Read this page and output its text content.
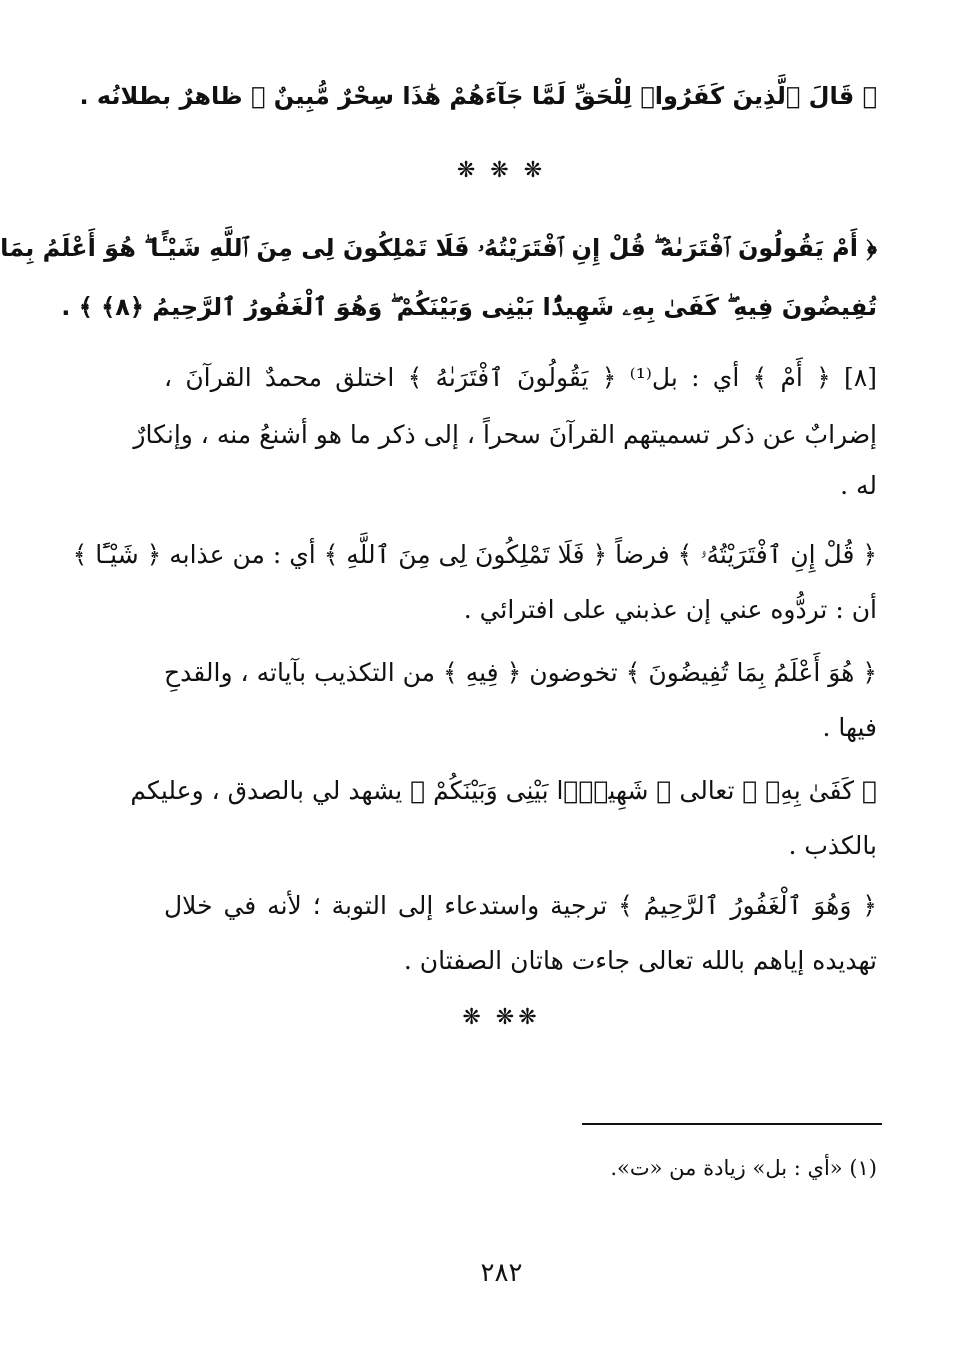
﴿ قَالَ ٱلَّذِينَ كَفَرُوا۟ لِلْحَقِّ لَمَّا جَآءَهُمْ هَٰذَا سِحْرٌ مُّبِينٌ ﴾ ظاهرٌ بطلانُه .
❋ ❋ ❋
﴿ أَمْ يَقُولُونَ ٱفْتَرَىٰهُ ۖ قُلْ إِنِ ٱفْتَرَيْتُهُۥ فَلَا تَمْلِكُونَ لِى مِنَ ٱللَّهِ شَيْـًٔا ۖ هُوَ أَعْلَمُ بِمَا
تُفِيضُونَ فِيهِ ۖ كَفَىٰ بِهِۦ شَهِيدًۢا بَيْنِى وَبَيْنَكُمْ ۖ وَهُوَ ٱلْغَفُورُ ٱلرَّحِيمُ ﴿٨﴾ ﴾ .
[٨] ﴿ أَمْ ﴾ أي : بل⁽¹⁾ ﴿ يَقُولُونَ ٱفْتَرَىٰهُ ﴾ اختلق محمدٌ القرآنَ ،
إضرابٌ عن ذكر تسميتهم القرآنَ سحراً ، إلى ذكر ما هو أشنعُ منه ، وإنكارٌ
له .
﴿ قُلْ إِنِ ٱفْتَرَيْتُهُۥ ﴾ فرضاً ﴿ فَلَا تَمْلِكُونَ لِى مِنَ ٱللَّهِ ﴾ أي : من عذابه ﴿ شَيْـًٔا ﴾
أن : تردُّوه عني إن عذبني على افترائي .
﴿ هُوَ أَعْلَمُ بِمَا تُفِيضُونَ ﴾ تخوضون ﴿ فِيهِ ﴾ من التكذيب بآياته ، والقدحِ
فيها .
﴿ كَفَىٰ بِهِۦ ﴾ تعالى ﴿ شَهِيدًۢا بَيْنِى وَبَيْنَكُمْ ﴾ يشهد لي بالصدق ، وعليكم
بالكذب .
﴿ وَهُوَ ٱلْغَفُورُ ٱلرَّحِيمُ ﴾ ترجية واستدعاء إلى التوبة ؛ لأنه في خلال
تهديده إياهم بالله تعالى جاءت هاتان الصفتان .
❋❋ ❋
(١) «أي : بل» زيادة من «ت».
٢٨٢
